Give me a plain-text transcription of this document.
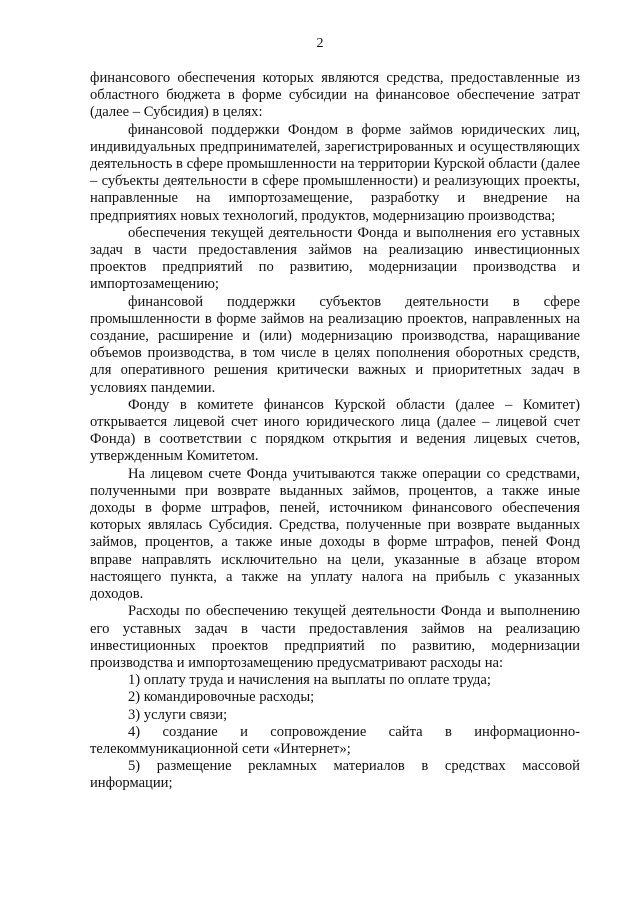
2

финансового обеспечения которых являются средства, предоставленные из областного бюджета в форме субсидии на финансовое обеспечение затрат (далее – Субсидия) в целях:

финансовой поддержки Фондом в форме займов юридических лиц, индивидуальных предпринимателей, зарегистрированных и осуществляющих деятельность в сфере промышленности на территории Курской области (далее – субъекты деятельности в сфере промышленности) и реализующих проекты, направленные на импортозамещение, разработку и внедрение на предприятиях новых технологий, продуктов, модернизацию производства;

обеспечения текущей деятельности Фонда и выполнения его уставных задач в части предоставления займов на реализацию инвестиционных проектов предприятий по развитию, модернизации производства и импортозамещению;

финансовой поддержки субъектов деятельности в сфере промышленности в форме займов на реализацию проектов, направленных на создание, расширение и (или) модернизацию производства, наращивание объемов производства, в том числе в целях пополнения оборотных средств, для оперативного решения критически важных и приоритетных задач в условиях пандемии.

Фонду в комитете финансов Курской области (далее – Комитет) открывается лицевой счет иного юридического лица (далее – лицевой счет Фонда) в соответствии с порядком открытия и ведения лицевых счетов, утвержденным Комитетом.

На лицевом счете Фонда учитываются также операции со средствами, полученными при возврате выданных займов, процентов, а также иные доходы в форме штрафов, пеней, источником финансового обеспечения которых являлась Субсидия. Средства, полученные при возврате выданных займов, процентов, а также иные доходы в форме штрафов, пеней Фонд вправе направлять исключительно на цели, указанные в абзаце втором настоящего пункта, а также на уплату налога на прибыль с указанных доходов.

Расходы по обеспечению текущей деятельности Фонда и выполнению его уставных задач в части предоставления займов на реализацию инвестиционных проектов предприятий по развитию, модернизации производства и импортозамещению предусматривают расходы на:

1) оплату труда и начисления на выплаты по оплате труда;

2) командировочные расходы;

3) услуги связи;

4) создание и сопровождение сайта в информационно-телекоммуникационной сети «Интернет»;

5) размещение рекламных материалов в средствах массовой информации;
